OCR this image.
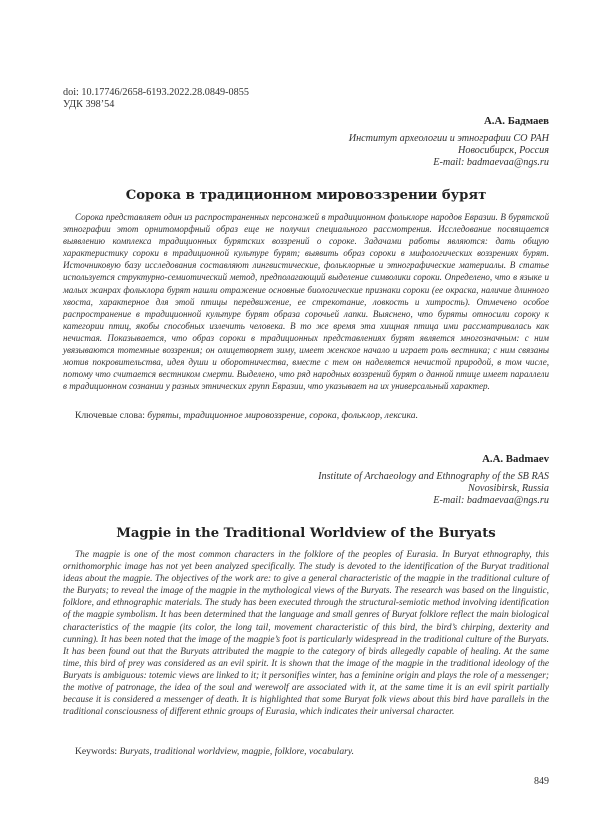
doi: 10.17746/2658-6193.2022.28.0849-0855
УДК 398’54
А.А. Бадмаев
Институт археологии и этнографии СО РАН
Новосибирск, Россия
E-mail: badmaevaa@ngs.ru
Сорока в традиционном мировоззрении бурят

Сорока представляет один из распространенных персонажей в традиционном фольклоре народов Евразии. В бурятской этнографии этот орнитоморфный образ еще не получил специального рассмотрения. Исследование посвящается выявлению комплекса традиционных бурятских воззрений о сороке. Задачами работы являются: дать общую характеристику сороки в традиционной культуре бурят; выявить образ сороки в мифологических воззрениях бурят. Источниковую базу исследования составляют лингвистические, фольклорные и этнографические материалы. В статье используется структурно-семиотический метод, предполагающий выделение символики сороки. Определено, что в языке и малых жанрах фольклора бурят нашли отражение основные биологические признаки сороки (ее окраска, наличие длинного хвоста, характерное для этой птицы передвижение, ее стрекотание, ловкость и хитрость). Отмечено особое распространение в традиционной культуре бурят образа сорочьей лапки. Выяснено, что буряты относили сороку к категории птиц, якобы способных излечить человека. В то же время эта хищная птица ими рассматривалась как нечистая. Показывается, что образ сороки в традиционных представлениях бурят является многозначным: с ним увязываются тотемные воззрения; он олицетворяет зиму, имеет женское начало и играет роль вестника; с ним связаны мотив покровительства, идея души и оборотничества, вместе с тем он наделяется нечистой природой, в том числе, потому что считается вестником смерти. Выделено, что ряд народных воззрений бурят о данной птице имеет параллели в традиционном сознании у разных этнических групп Евразии, что указывает на их универсальный характер.

Ключевые слова: буряты, традиционное мировоззрение, сорока, фольклор, лексика.
A.A. Badmaev
Institute of Archaeology and Ethnography of the SB RAS
Novosibirsk, Russia
E-mail: badmaevaa@ngs.ru
Magpie in the Traditional Worldview of the Buryats

The magpie is one of the most common characters in the folklore of the peoples of Eurasia. In Buryat ethnography, this ornithomorphic image has not yet been analyzed specifically. The study is devoted to the identification of the Buryat traditional ideas about the magpie. The objectives of the work are: to give a general characteristic of the magpie in the traditional culture of the Buryats; to reveal the image of the magpie in the mythological views of the Buryats. The research was based on the linguistic, folklore, and ethnographic materials. The study has been executed through the structural-semiotic method involving identification of the magpie symbolism. It has been determined that the language and small genres of Buryat folklore reflect the main biological characteristics of the magpie (its color, the long tail, movement characteristic of this bird, the bird’s chirping, dexterity and cunning). It has been noted that the image of the magpie’s foot is particularly widespread in the traditional culture of the Buryats. It has been found out that the Buryats attributed the magpie to the category of birds allegedly capable of healing. At the same time, this bird of prey was considered as an evil spirit. It is shown that the image of the magpie in the traditional ideology of the Buryats is ambiguous: totemic views are linked to it; it personifies winter, has a feminine origin and plays the role of a messenger; the motive of patronage, the idea of the soul and werewolf are associated with it, at the same time it is an evil spirit partially because it is considered a messenger of death. It is highlighted that some Buryat folk views about this bird have parallels in the traditional consciousness of different ethnic groups of Eurasia, which indicates their universal character.

Keywords: Buryats, traditional worldview, magpie, folklore, vocabulary.
849
